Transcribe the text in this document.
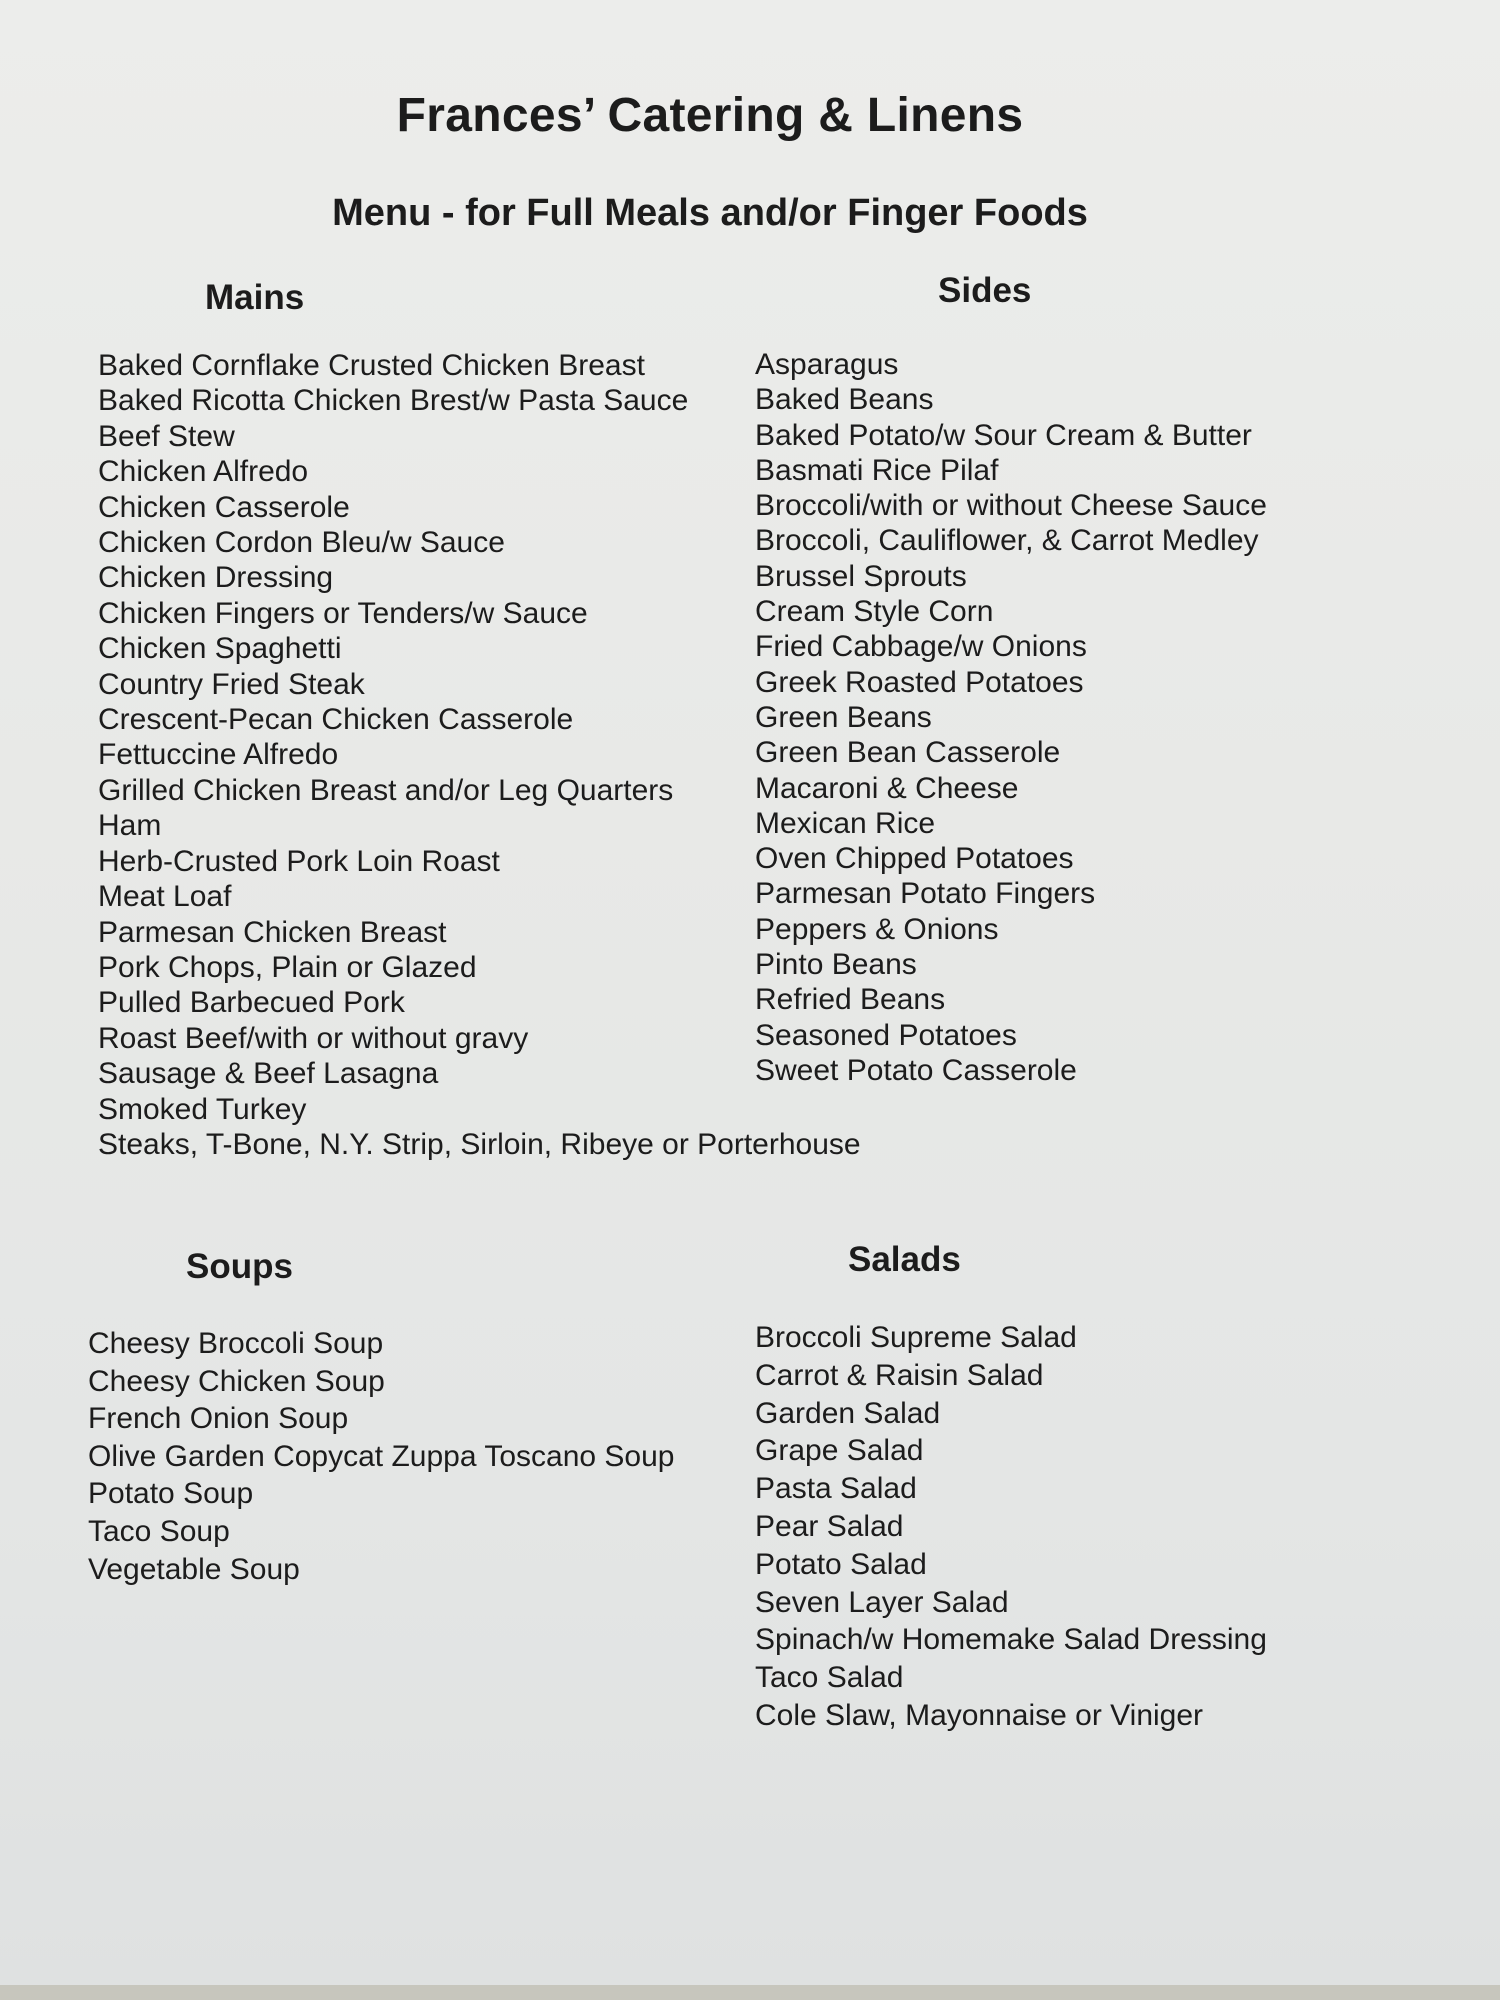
Frances’ Catering & Linens
Menu - for Full Meals and/or Finger Foods
Mains
Baked Cornflake Crusted Chicken Breast
Baked Ricotta Chicken Brest/w Pasta Sauce
Beef Stew
Chicken Alfredo
Chicken Casserole
Chicken Cordon Bleu/w Sauce
Chicken Dressing
Chicken Fingers or Tenders/w Sauce
Chicken Spaghetti
Country Fried Steak
Crescent-Pecan Chicken Casserole
Fettuccine Alfredo
Grilled Chicken Breast and/or Leg Quarters
Ham
Herb-Crusted Pork Loin Roast
Meat Loaf
Parmesan Chicken Breast
Pork Chops, Plain or Glazed
Pulled Barbecued Pork
Roast Beef/with or without gravy
Sausage & Beef Lasagna
Smoked Turkey
Steaks, T-Bone, N.Y. Strip, Sirloin, Ribeye or Porterhouse
Sides
Asparagus
Baked Beans
Baked Potato/w Sour Cream & Butter
Basmati Rice Pilaf
Broccoli/with or without Cheese Sauce
Broccoli, Cauliflower, & Carrot Medley
Brussel Sprouts
Cream Style Corn
Fried Cabbage/w Onions
Greek Roasted Potatoes
Green Beans
Green Bean Casserole
Macaroni & Cheese
Mexican Rice
Oven Chipped Potatoes
Parmesan Potato Fingers
Peppers & Onions
Pinto Beans
Refried Beans
Seasoned Potatoes
Sweet Potato Casserole
Soups
Cheesy Broccoli Soup
Cheesy Chicken Soup
French Onion Soup
Olive Garden Copycat Zuppa Toscano Soup
Potato Soup
Taco Soup
Vegetable Soup
Salads
Broccoli Supreme Salad
Carrot & Raisin Salad
Garden Salad
Grape Salad
Pasta Salad
Pear Salad
Potato Salad
Seven Layer Salad
Spinach/w Homemake Salad Dressing
Taco Salad
Cole Slaw, Mayonnaise or Viniger
